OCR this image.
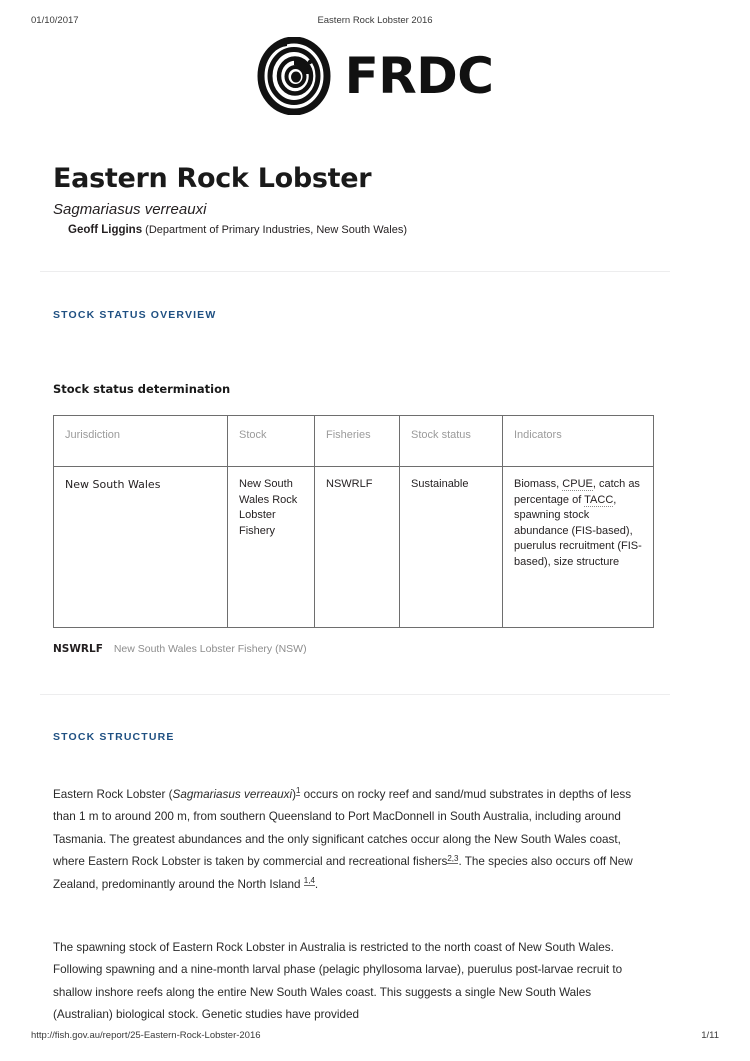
01/10/2017	Eastern Rock Lobster 2016
FRDC
Eastern Rock Lobster
Sagmariasus verreauxi
Geoff Liggins (Department of Primary Industries, New South Wales)
STOCK STATUS OVERVIEW
Stock status determination
Jurisdiction	Stock	Fisheries	Stock status	Indicators
New South Wales	New South Wales Rock Lobster Fishery	NSWRLF	Sustainable	Biomass, CPUE, catch as percentage of TACC, spawning stock abundance (FIS-based), puerulus recruitment (FIS-based), size structure
NSWRLF New South Wales Lobster Fishery (NSW)
STOCK STRUCTURE

Eastern Rock Lobster (Sagmariasus verreauxi)$^1$ occurs on rocky reef and sand/mud substrates in depths of less than 1 m to around 200 m, from southern Queensland to Port MacDonnell in South Australia, including around Tasmania. The greatest abundances and the only significant catches occur along the New South Wales coast, where Eastern Rock Lobster is taken by commercial and recreational fishers$^{2,3}$. The species also occurs off New Zealand, predominantly around the North Island $^{1,4}$.

The spawning stock of Eastern Rock Lobster in Australia is restricted to the north coast of New South Wales. Following spawning and a nine-month larval phase (pelagic phyllosoma larvae), puerulus post-larvae recruit to shallow inshore reefs along the entire New South Wales coast. This suggests a single New South Wales (Australian) biological stock. Genetic studies have provided

http://fish.gov.au/report/25-Eastern-Rock-Lobster-2016	1/11
